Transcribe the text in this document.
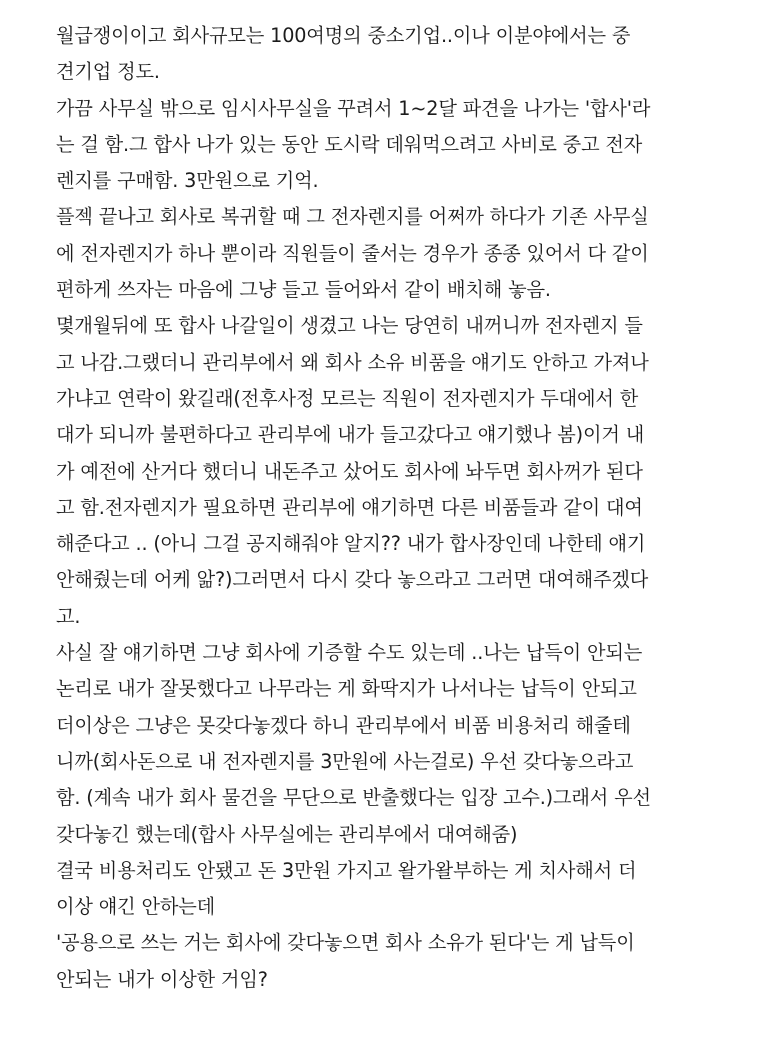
월급쟁이이고 회사규모는 100여명의 중소기업..이나 이분야에서는 중
견기업 정도.
가끔 사무실 밖으로 임시사무실을 꾸려서 1~2달 파견을 나가는 '합사'라
는 걸 함.그 합사 나가 있는 동안 도시락 데워먹으려고 사비로 중고 전자
렌지를 구매함. 3만원으로 기억.
플젝 끝나고 회사로 복귀할 때 그 전자렌지를 어쩌까 하다가 기존 사무실
에 전자렌지가 하나 뿐이라 직원들이 줄서는 경우가 종종 있어서 다 같이
편하게 쓰자는 마음에 그냥 들고 들어와서 같이 배치해 놓음.
몇개월뒤에 또 합사 나갈일이 생겼고 나는 당연히 내꺼니까 전자렌지 들
고 나감.그랬더니 관리부에서 왜 회사 소유 비품을 얘기도 안하고 가져나
가냐고 연락이 왔길래(전후사정 모르는 직원이 전자렌지가 두대에서 한
대가 되니까 불편하다고 관리부에 내가 들고갔다고 얘기했나 봄)이거 내
가 예전에 산거다 했더니 내돈주고 샀어도 회사에 놔두면 회사꺼가 된다
고 함.전자렌지가 필요하면 관리부에 얘기하면 다른 비품들과 같이 대여
해준다고 .. (아니 그걸 공지해줘야 알지?? 내가 합사장인데 나한테 얘기
안해줬는데 어케 앎?)그러면서 다시 갖다 놓으라고 그러면 대여해주겠다
고.
사실 잘 얘기하면 그냥 회사에 기증할 수도 있는데 ..나는 납득이 안되는
논리로 내가 잘못했다고 나무라는 게 화딱지가 나서나는 납득이 안되고
더이상은 그냥은 못갖다놓겠다 하니 관리부에서 비품 비용처리 해줄테
니까(회사돈으로 내 전자렌지를 3만원에 사는걸로) 우선 갖다놓으라고
함. (계속 내가 회사 물건을 무단으로 반출했다는 입장 고수.)그래서 우선
갖다놓긴 했는데(합사 사무실에는 관리부에서 대여해줌)
결국 비용처리도 안됐고 돈 3만원 가지고 왈가왈부하는 게 치사해서 더
이상 얘긴 안하는데
'공용으로 쓰는 거는 회사에 갖다놓으면 회사 소유가 된다'는 게 납득이
안되는 내가 이상한 거임?
